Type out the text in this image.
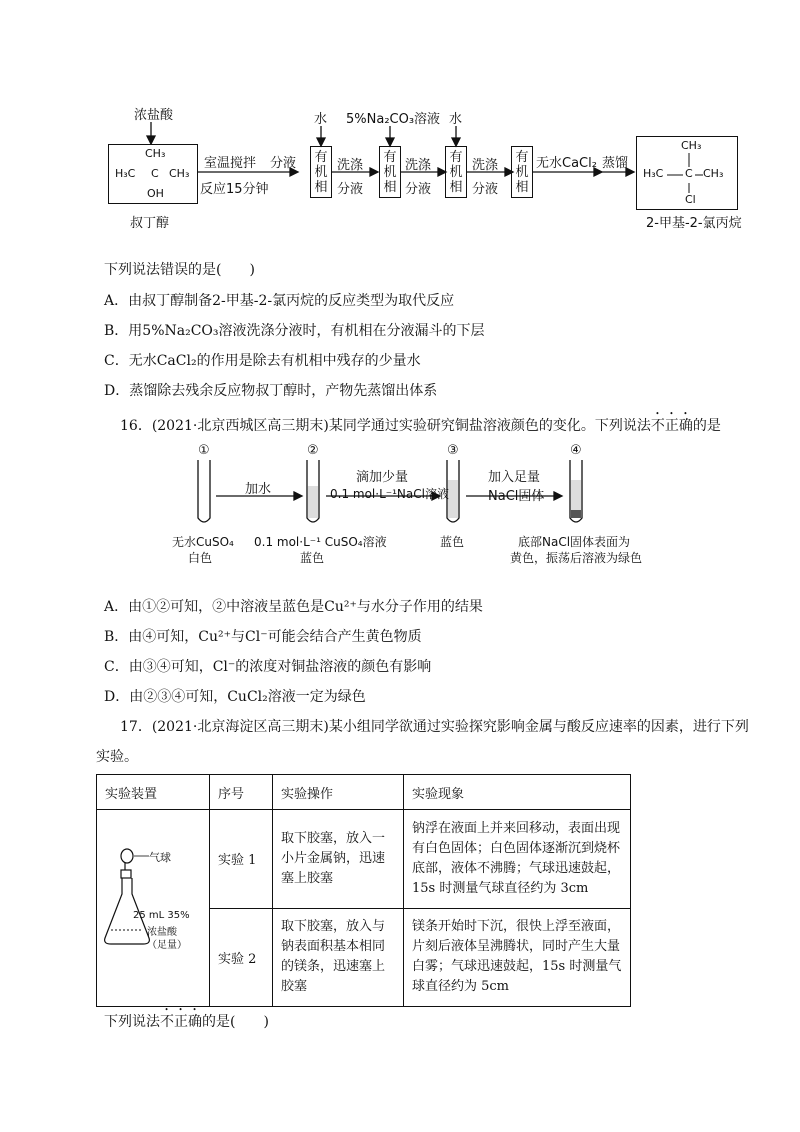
浓盐酸
CH₃
H₃C C CH₃
OH
叔丁醇
室温搅拌
反应15分钟
分液
水
有
机
相
洗涤
分液
5%Na₂CO₃溶液
有
机
相
洗涤
分液
水
有
机
相
洗涤
分液
有
机
相
无水CaCl₂ 蒸馏
CH₃
H₃C C CH₃
Cl
2-甲基-2-氯丙烷
下列说法错误的是(　　)
A．由叔丁醇制备2-甲基-2-氯丙烷的反应类型为取代反应
B．用5%Na₂CO₃溶液洗涤分液时，有机相在分液漏斗的下层
C．无水CaCl₂的作用是除去有机相中残存的少量水
D．蒸馏除去残余反应物叔丁醇时，产物先蒸馏出体系
16．(2021·北京西城区高三期末)某同学通过实验研究铜盐溶液颜色的变化。下列说法不正确的是
①	②	③	④
加水
滴加少量
0.1 mol·L⁻¹NaCl溶液
加入足量
NaCl固体
无水CuSO₄
白色
0.1 mol·L⁻¹ CuSO₄溶液
蓝色
蓝色	底部NaCl固体表面为
黄色，振荡后溶液为绿色
A．由①②可知，②中溶液呈蓝色是Cu²⁺与水分子作用的结果
B．由④可知，Cu²⁺与Cl⁻可能会结合产生黄色物质
C．由③④可知，Cl⁻的浓度对铜盐溶液的颜色有影响
D．由②③④可知，CuCl₂溶液一定为绿色
17．(2021·北京海淀区高三期末)某小组同学欲通过实验探究影响金属与酸反应速率的因素，进行下列
实验。
实验装置	序号	实验操作	实验现象

气球
25 mL 35%
浓盐酸
（足量）	实验 1	取下胶塞，放入一小片金属钠，迅速塞上胶塞	钠浮在液面上并来回移动，表面出现有白色固体；白色固体逐渐沉到烧杯底部，液体不沸腾；气球迅速鼓起，15s 时测量气球直径约为 3cm
	实验 2	取下胶塞，放入与钠表面积基本相同的镁条，迅速塞上胶塞	镁条开始时下沉，很快上浮至液面，片刻后液体呈沸腾状，同时产生大量白雾；气球迅速鼓起，15s 时测量气球直径约为 5cm
下列说法不正确的是(　　)
